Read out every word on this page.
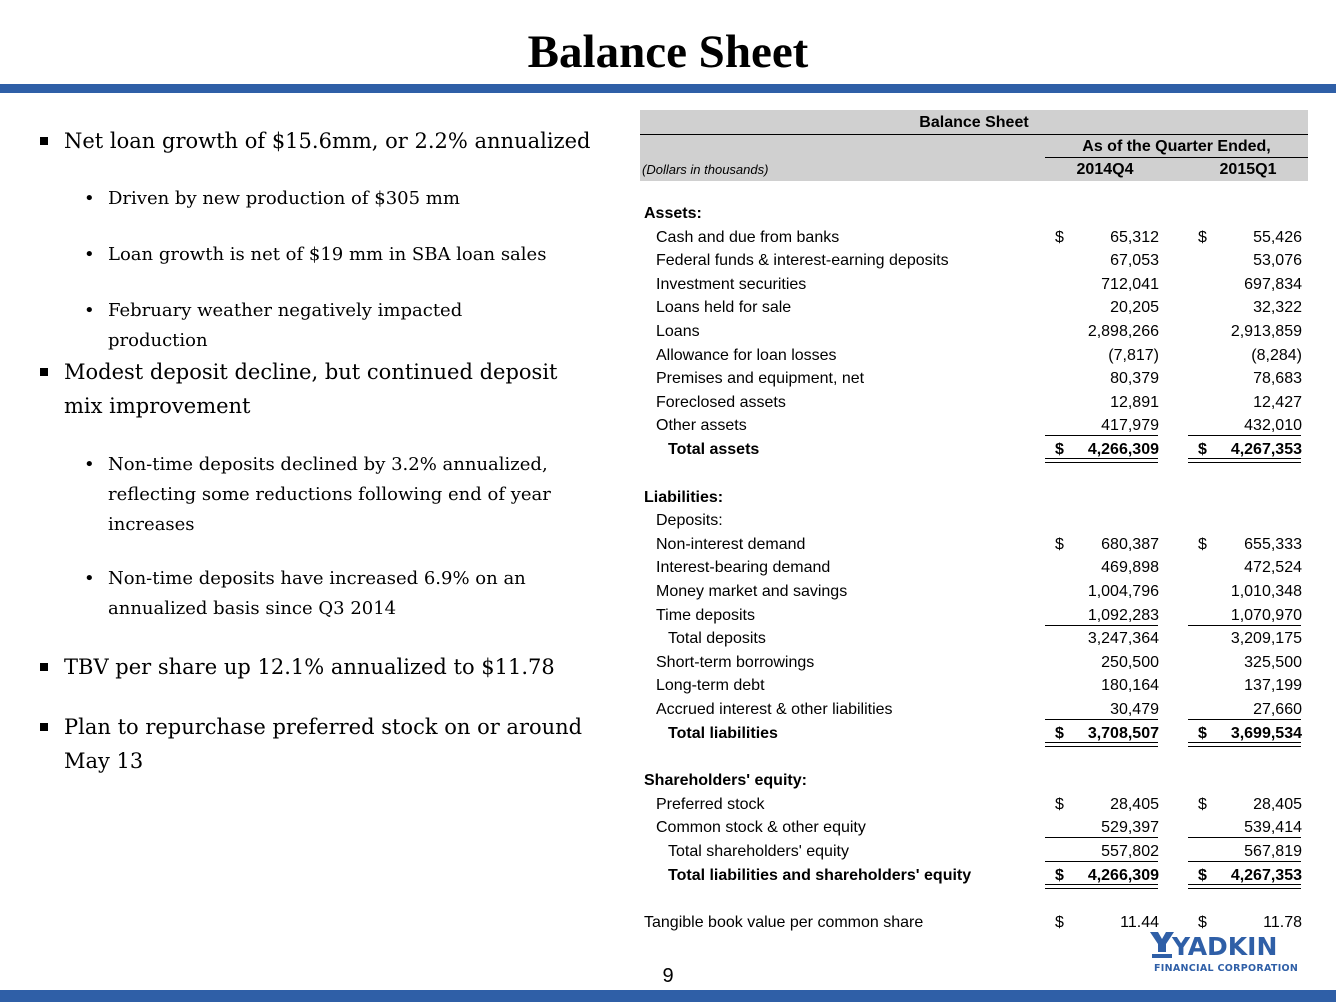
Balance Sheet
Net loan growth of $15.6mm, or 2.2% annualized
• Driven by new production of $305 mm
• Loan growth is net of $19 mm in SBA loan sales
• February weather negatively impacted production
Modest deposit decline, but continued deposit mix improvement
• Non-time deposits declined by 3.2% annualized, reflecting some reductions following end of year increases
• Non-time deposits have increased 6.9% on an annualized basis since Q3 2014
TBV per share up 12.1% annualized to $11.78
Plan to repurchase preferred stock on or around May 13
Balance Sheet
As of the Quarter Ended,
(Dollars in thousands)	2014Q4	2015Q1
Assets:
Cash and due from banks	$	65,312 $	55,426
Federal funds & interest-earning deposits	67,053	53,076
Investment securities	712,041	697,834
Loans held for sale	20,205	32,322
Loans	2,898,266	2,913,859
Allowance for loan losses	(7,817)	(8,284)
Premises and equipment, net	80,379	78,683
Foreclosed assets	12,891	12,427
Other assets	417,979	432,010
Total assets	$	4,266,309 $	4,267,353
Liabilities:
Deposits:
Non-interest demand	$	680,387 $	655,333
Interest-bearing demand	469,898	472,524
Money market and savings	1,004,796	1,010,348
Time deposits	1,092,283	1,070,970
Total deposits	3,247,364	3,209,175
Short-term borrowings	250,500	325,500
Long-term debt	180,164	137,199
Accrued interest & other liabilities	30,479	27,660
Total liabilities	$	3,708,507 $	3,699,534
Shareholders' equity:
Preferred stock	$	28,405 $	28,405
Common stock & other equity	529,397	539,414
Total shareholders' equity	557,802	567,819
Total liabilities and shareholders' equity	$	4,266,309 $	4,267,353
Tangible book value per common share	$	11.44 $	11.78
9
YADKIN
FINANCIAL CORPORATION
